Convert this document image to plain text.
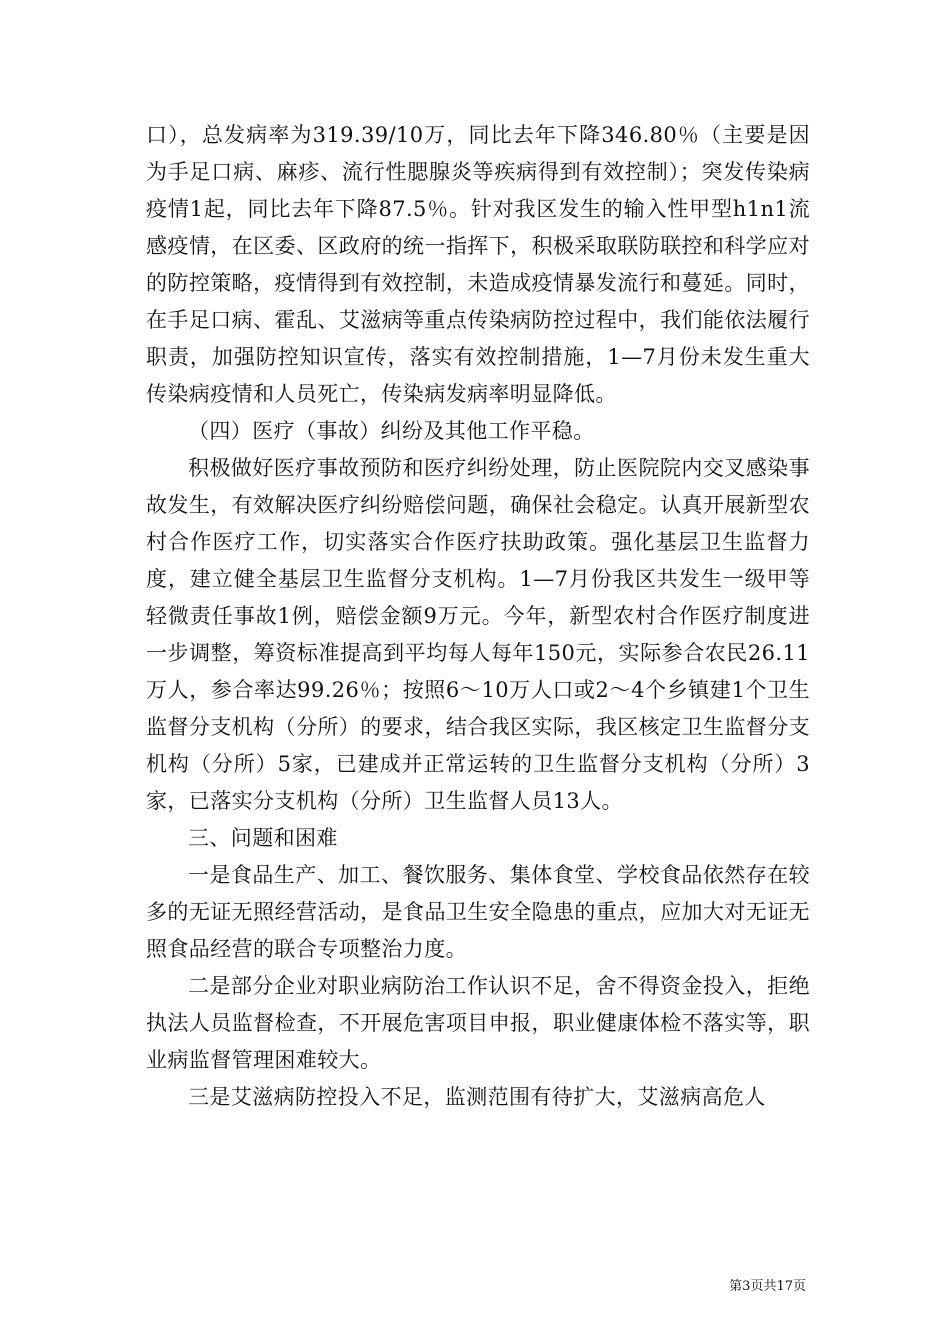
口），总发病率为319.39/10万，同比去年下降346.80％（主要是因为手足口病、麻疹、流行性腮腺炎等疾病得到有效控制）；突发传染病疫情1起，同比去年下降87.5％。针对我区发生的输入性甲型h1n1流感疫情，在区委、区政府的统一指挥下，积极采取联防联控和科学应对的防控策略，疫情得到有效控制，未造成疫情暴发流行和蔓延。同时，在手足口病、霍乱、艾滋病等重点传染病防控过程中，我们能依法履行职责，加强防控知识宣传，落实有效控制措施，1—7月份未发生重大传染病疫情和人员死亡，传染病发病率明显降低。

（四）医疗（事故）纠纷及其他工作平稳。

积极做好医疗事故预防和医疗纠纷处理，防止医院院内交叉感染事故发生，有效解决医疗纠纷赔偿问题，确保社会稳定。认真开展新型农村合作医疗工作，切实落实合作医疗扶助政策。强化基层卫生监督力度，建立健全基层卫生监督分支机构。1—7月份我区共发生一级甲等轻微责任事故1例，赔偿金额9万元。今年，新型农村合作医疗制度进一步调整，筹资标准提高到平均每人每年150元，实际参合农民26.11万人，参合率达99.26％；按照6～10万人口或2～4个乡镇建1个卫生监督分支机构（分所）的要求，结合我区实际，我区核定卫生监督分支机构（分所）5家，已建成并正常运转的卫生监督分支机构（分所）3家，已落实分支机构（分所）卫生监督人员13人。

三、问题和困难

一是食品生产、加工、餐饮服务、集体食堂、学校食品依然存在较多的无证无照经营活动，是食品卫生安全隐患的重点，应加大对无证无照食品经营的联合专项整治力度。

二是部分企业对职业病防治工作认识不足，舍不得资金投入，拒绝执法人员监督检查，不开展危害项目申报，职业健康体检不落实等，职业病监督管理困难较大。

三是艾滋病防控投入不足，监测范围有待扩大，艾滋病高危人

第3页共17页
